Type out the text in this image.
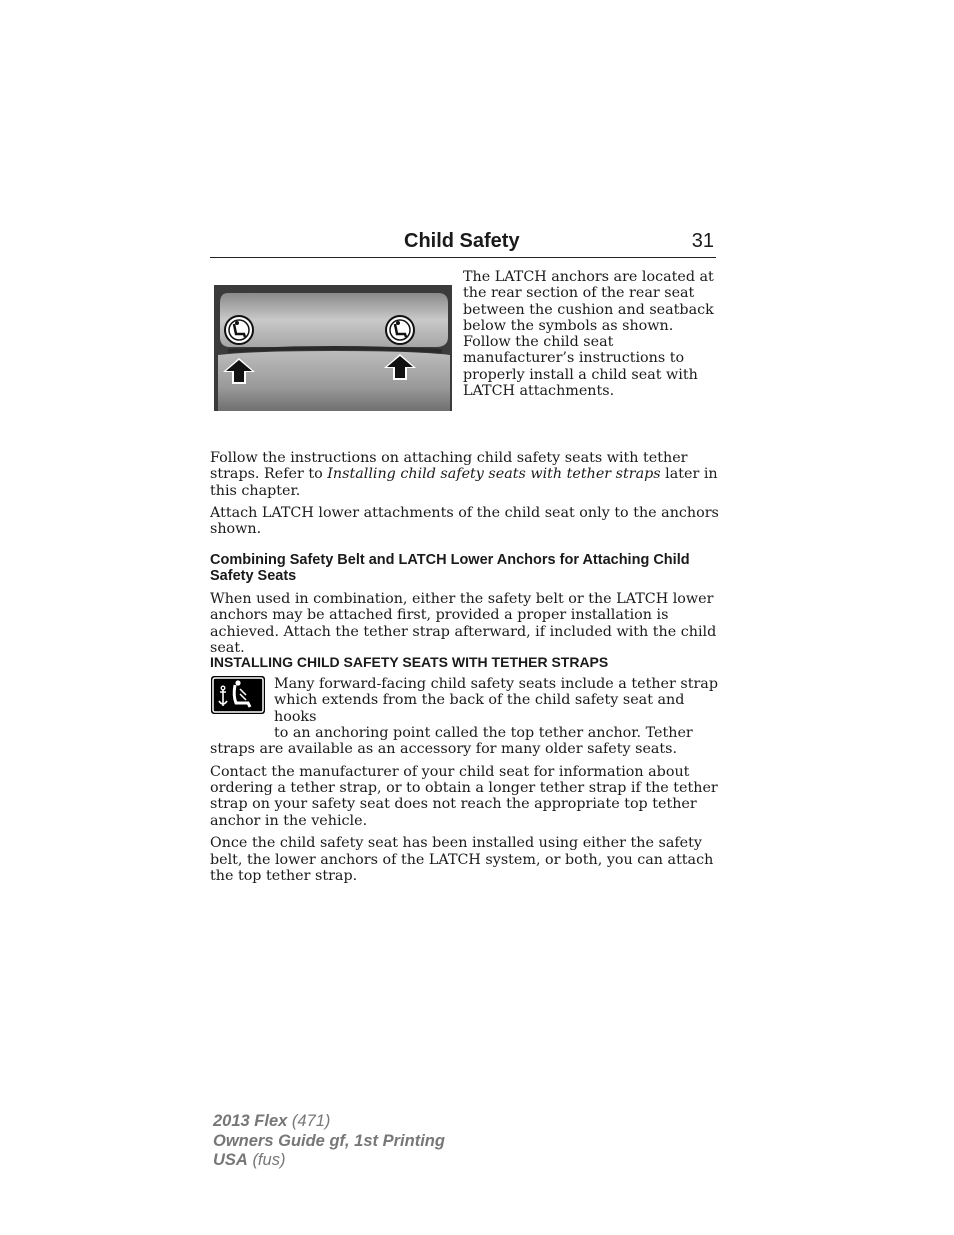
Child Safety	31

The LATCH anchors are located at the rear section of the rear seat between the cushion and seatback below the symbols as shown. Follow the child seat manufacturer’s instructions to properly install a child seat with LATCH attachments.

Follow the instructions on attaching child safety seats with tether straps. Refer to Installing child safety seats with tether straps later in this chapter.

Attach LATCH lower attachments of the child seat only to the anchors shown.

Combining Safety Belt and LATCH Lower Anchors for Attaching Child Safety Seats

When used in combination, either the safety belt or the LATCH lower anchors may be attached first, provided a proper installation is achieved. Attach the tether strap afterward, if included with the child seat.

INSTALLING CHILD SAFETY SEATS WITH TETHER STRAPS

Many forward-facing child safety seats include a tether strap
which extends from the back of the child safety seat and hooks
to an anchoring point called the top tether anchor. Tether
straps are available as an accessory for many older safety seats.

Contact the manufacturer of your child seat for information about ordering a tether strap, or to obtain a longer tether strap if the tether strap on your safety seat does not reach the appropriate top tether anchor in the vehicle.

Once the child safety seat has been installed using either the safety belt, the lower anchors of the LATCH system, or both, you can attach the top tether strap.

2013 Flex (471)
Owners Guide gf, 1st Printing
USA (fus)
